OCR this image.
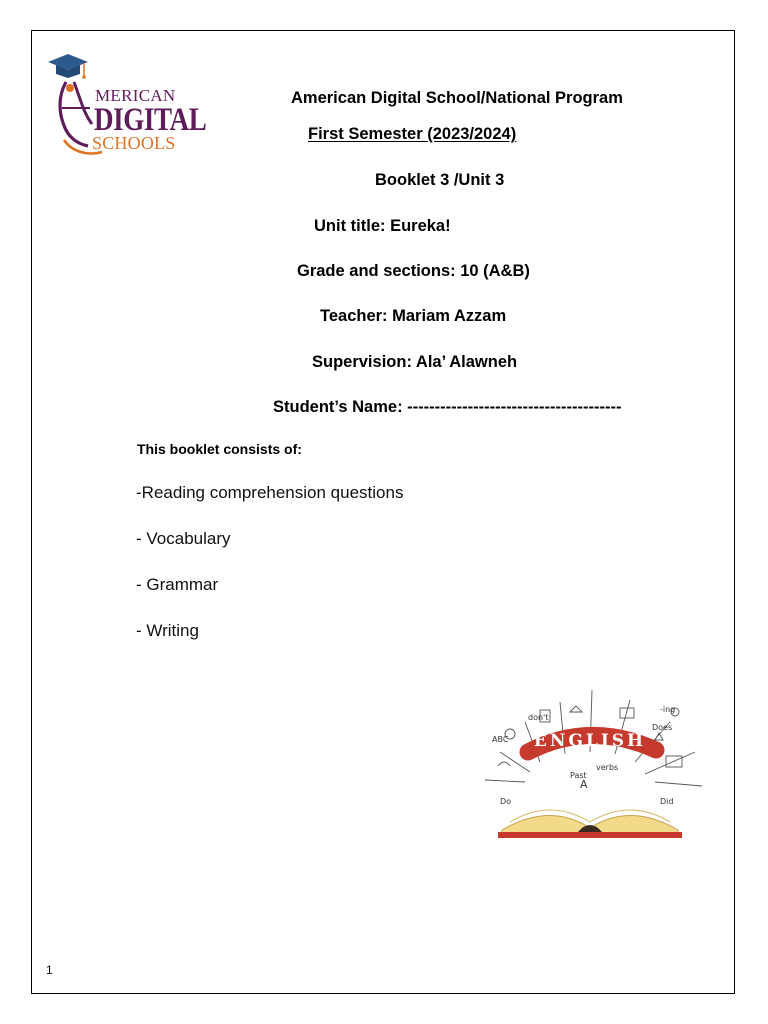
MERICAN
DIGITAL
SCHOOLS
American Digital School/National Program
First Semester (2023/2024)
Booklet 3 /Unit 3
Unit title: Eureka!
Grade and sections: 10 (A&B)
Teacher: Mariam Azzam
Supervision: Ala’ Alawneh
Student’s Name: ---------------------------------------
This booklet consists of:
-Reading comprehension questions
- Vocabulary
- Grammar
- Writing
ENGLISH
verbs
ABC
don't
Does
Did
Do
-ing
Past
A
1
